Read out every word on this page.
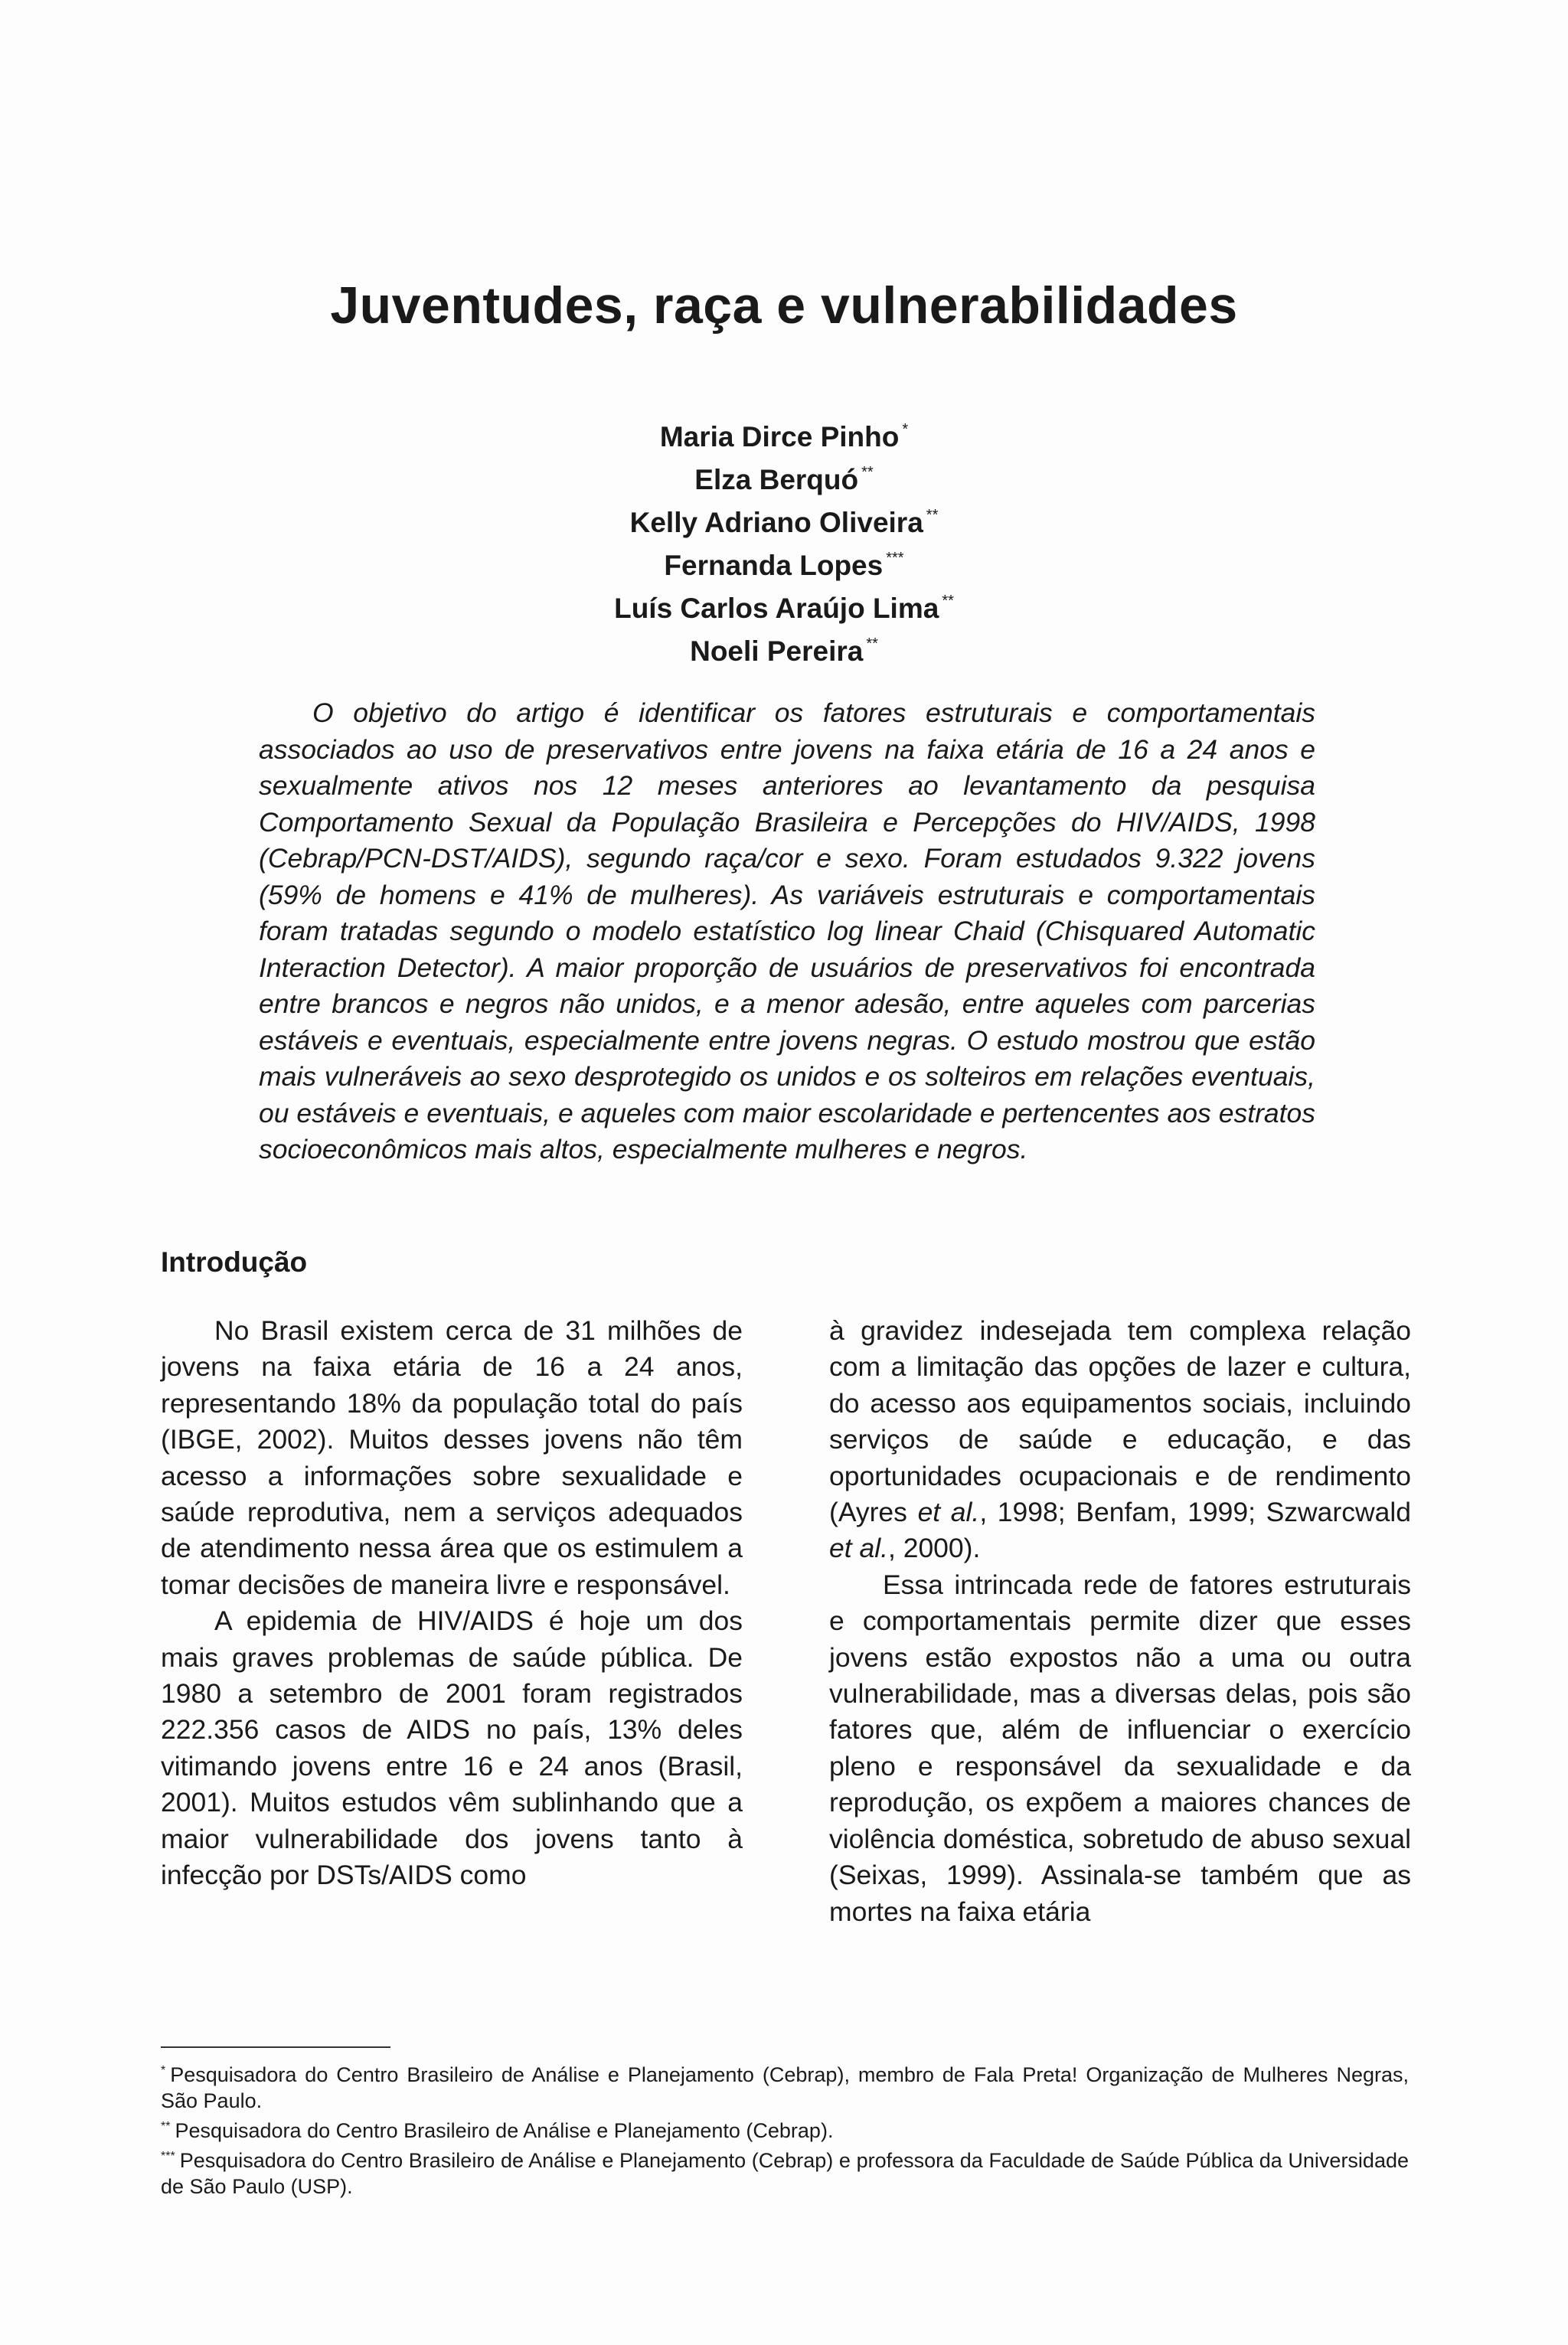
Juventudes, raça e vulnerabilidades
Maria Dirce Pinho *
Elza Berquó **
Kelly Adriano Oliveira **
Fernanda Lopes ***
Luís Carlos Araújo Lima **
Noeli Pereira **

O objetivo do artigo é identificar os fatores estruturais e comportamentais associados ao uso de preservativos entre jovens na faixa etária de 16 a 24 anos e sexualmente ativos nos 12 meses anteriores ao levantamento da pesquisa Comportamento Sexual da População Brasileira e Percepções do HIV/AIDS, 1998 (Cebrap/PCN-DST/AIDS), segundo raça/cor e sexo. Foram estudados 9.322 jovens (59% de homens e 41% de mulheres). As variáveis estruturais e comportamentais foram tratadas segundo o modelo estatístico log linear Chaid (Chisquared Automatic Interaction Detector). A maior proporção de usuários de preservativos foi encontrada entre brancos e negros não unidos, e a menor adesão, entre aqueles com parcerias estáveis e eventuais, especialmente entre jovens negras. O estudo mostrou que estão mais vulneráveis ao sexo desprotegido os unidos e os solteiros em relações eventuais, ou estáveis e eventuais, e aqueles com maior escolaridade e pertencentes aos estratos socioeconômicos mais altos, especialmente mulheres e negros.

Introdução

No Brasil existem cerca de 31 milhões de jovens na faixa etária de 16 a 24 anos, representando 18% da população total do país (IBGE, 2002). Muitos desses jovens não têm acesso a informações sobre sexualidade e saúde reprodutiva, nem a serviços adequados de atendimento nessa área que os estimulem a tomar decisões de maneira livre e responsável.

A epidemia de HIV/AIDS é hoje um dos mais graves problemas de saúde pública. De 1980 a setembro de 2001 foram registrados 222.356 casos de AIDS no país, 13% deles vitimando jovens entre 16 e 24 anos (Brasil, 2001). Muitos estudos vêm sublinhando que a maior vulnerabilidade dos jovens tanto à infecção por DSTs/AIDS como

à gravidez indesejada tem complexa relação com a limitação das opções de lazer e cultura, do acesso aos equipamentos sociais, incluindo serviços de saúde e educação, e das oportunidades ocupacionais e de rendimento (Ayres et al., 1998; Benfam, 1999; Szwarcwald et al., 2000).

Essa intrincada rede de fatores estruturais e comportamentais permite dizer que esses jovens estão expostos não a uma ou outra vulnerabilidade, mas a diversas delas, pois são fatores que, além de influenciar o exercício pleno e responsável da sexualidade e da reprodução, os expõem a maiores chances de violência doméstica, sobretudo de abuso sexual (Seixas, 1999). Assinala-se também que as mortes na faixa etária

* Pesquisadora do Centro Brasileiro de Análise e Planejamento (Cebrap), membro de Fala Preta! Organização de Mulheres Negras, São Paulo.

** Pesquisadora do Centro Brasileiro de Análise e Planejamento (Cebrap).

*** Pesquisadora do Centro Brasileiro de Análise e Planejamento (Cebrap) e professora da Faculdade de Saúde Pública da Universidade de São Paulo (USP).
